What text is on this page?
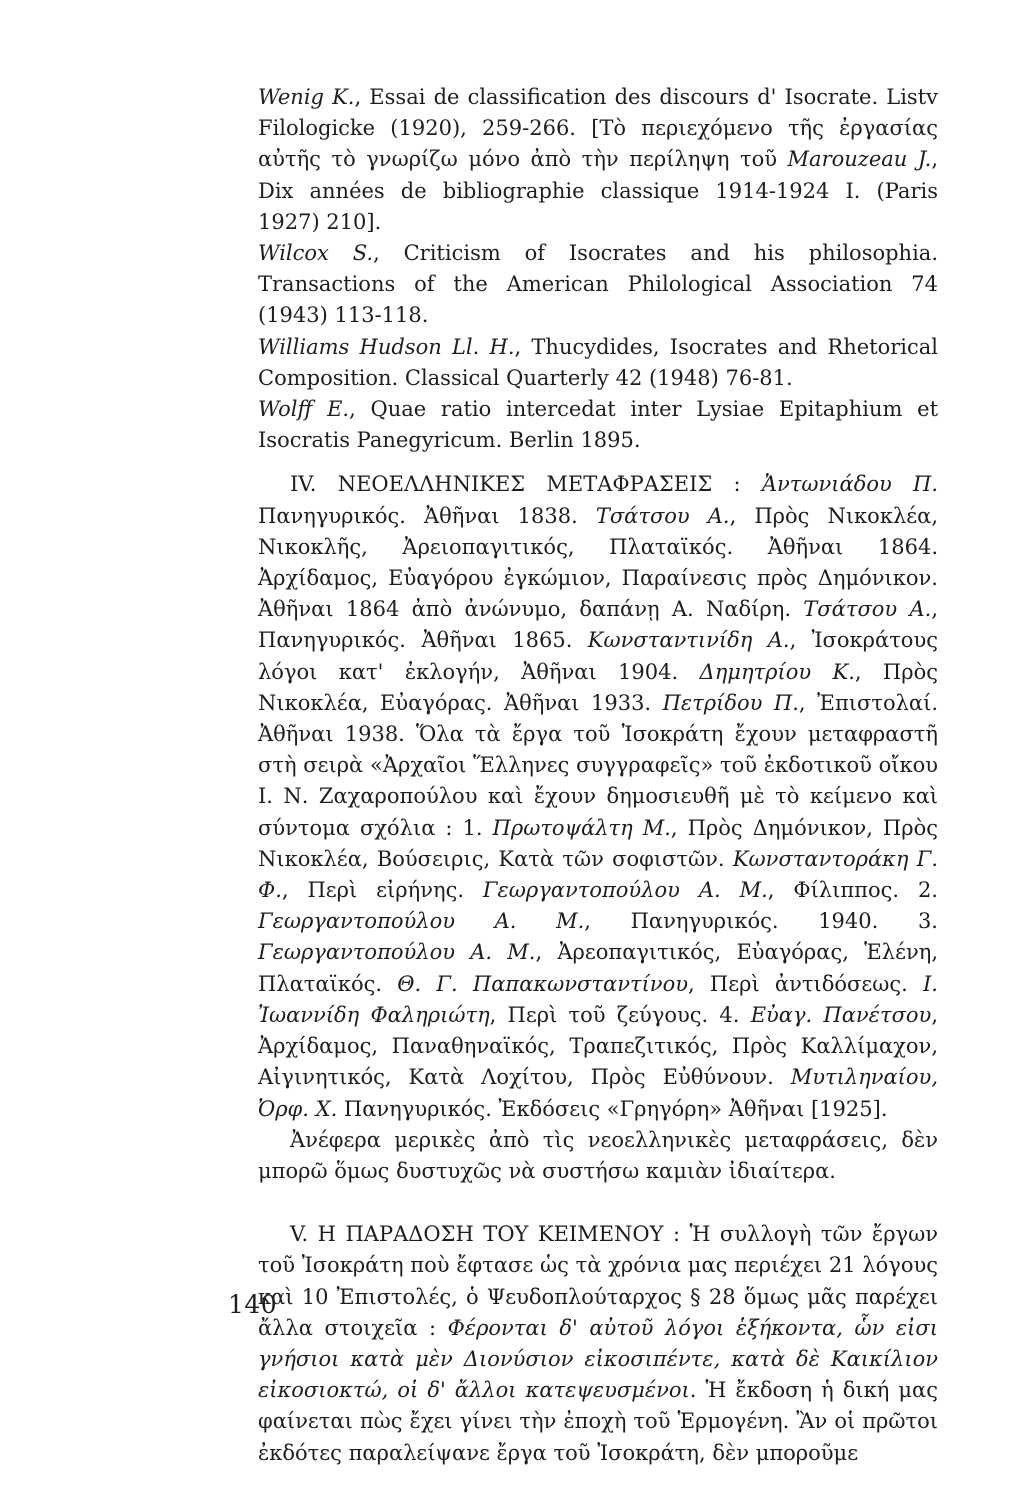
Wenig K., Essai de classification des discours d' Isocrate. Listv Filologicke (1920), 259-266. [Τὸ περιεχόμενο τῆς ἐργασίας αὐτῆς τὸ γνωρίζω μόνο ἀπὸ τὴν περίληψη τοῦ Marouzeau J., Dix années de bibliographie classique 1914-1924 I. (Paris 1927) 210].

Wilcox S., Criticism of Isocrates and his philosophia. Transactions of the American Philological Association 74 (1943) 113-118.

Williams Hudson Ll. H., Thucydides, Isocrates and Rhetorical Composition. Classical Quarterly 42 (1948) 76-81.

Wolff E., Quae ratio intercedat inter Lysiae Epitaphium et Isocratis Panegyricum. Berlin 1895.

IV. ΝΕΟΕΛΛΗΝΙΚΕΣ ΜΕΤΑΦΡΑΣΕΙΣ : Ἀντωνιάδου Π. Πανηγυρικός. Ἀθῆναι 1838. Τσάτσου Α., Πρὸς Νικοκλέα, Νικοκλῆς, Ἀρειοπαγιτικός, Πλαταϊκός. Ἀθῆναι 1864. Ἀρχίδαμος, Εὐαγόρου ἐγκώμιον, Παραίνεσις πρὸς Δημόνικον. Ἀθῆναι 1864 ἀπὸ ἀνώνυμο, δαπάνῃ Α. Ναδίρη. Τσάτσου Α., Πανηγυρικός. Ἀθῆναι 1865. Κωνσταντινίδη Α., Ἰσοκράτους λόγοι κατ' ἐκλογήν, Ἀθῆναι 1904. Δημητρίου Κ., Πρὸς Νικοκλέα, Εὐαγόρας. Ἀθῆναι 1933. Πετρίδου Π., Ἐπιστολαί. Ἀθῆναι 1938. Ὅλα τὰ ἔργα τοῦ Ἰσοκράτη ἔχουν μεταφραστῆ στὴ σειρὰ «Ἀρχαῖοι Ἕλληνες συγγραφεῖς» τοῦ ἐκδοτικοῦ οἴκου Ι. Ν. Ζαχαροπούλου καὶ ἔχουν δημοσιευθῆ μὲ τὸ κείμενο καὶ σύντομα σχόλια : 1. Πρωτοψάλτη Μ., Πρὸς Δημόνικον, Πρὸς Νικοκλέα, Βούσειρις, Κατὰ τῶν σοφιστῶν. Κωνσταντοράκη Γ. Φ., Περὶ εἰρήνης. Γεωργαντοπούλου Α. Μ., Φίλιππος. 2. Γεωργαντοπούλου Α. Μ., Πανηγυρικός. 1940. 3. Γεωργαντοπούλου Α. Μ., Ἀρεοπαγιτικός, Εὐαγόρας, Ἑλένη, Πλαταϊκός. Θ. Γ. Παπακωνσταντίνου, Περὶ ἀντιδόσεως. Ι. Ἰωαννίδη Φαληριώτη, Περὶ τοῦ ζεύγους. 4. Εὐαγ. Πανέτσου, Ἀρχίδαμος, Παναθηναϊκός, Τραπεζιτικός, Πρὸς Καλλίμαχον, Αἰγινητικός, Κατὰ Λοχίτου, Πρὸς Εὐθύνουν. Μυτιληναίου, Ὀρφ. Χ. Πανηγυρικός. Ἐκδόσεις «Γρηγόρη» Ἀθῆναι [1925].

Ἀνέφερα μερικὲς ἀπὸ τὶς νεοελληνικὲς μεταφράσεις, δὲν μπορῶ ὅμως δυστυχῶς νὰ συστήσω καμιὰν ἰδιαίτερα.

V. Η ΠΑΡΑΔΟΣΗ ΤΟΥ ΚΕΙΜΕΝΟΥ : Ἡ συλλογὴ τῶν ἔργων τοῦ Ἰσοκράτη ποὺ ἔφτασε ὡς τὰ χρόνια μας περιέχει 21 λόγους καὶ 10 Ἐπιστολές, ὁ Ψευδοπλούταρχος § 28 ὅμως μᾶς παρέχει ἄλλα στοιχεῖα : Φέρονται δ' αὐτοῦ λόγοι ἑξήκοντα, ὧν εἰσι γνήσιοι κατὰ μὲν Διονύσιον εἰκοσιπέντε, κατὰ δὲ Καικίλιον εἰκοσιοκτώ, οἱ δ' ἄλλοι κατεψευσμένοι. Ἡ ἔκδοση ἡ δική μας φαίνεται πὼς ἔχει γίνει τὴν ἐποχὴ τοῦ Ἑρμογένη. Ἂν οἱ πρῶτοι ἐκδότες παραλείψανε ἔργα τοῦ Ἰσοκράτη, δὲν μποροῦμε

140
